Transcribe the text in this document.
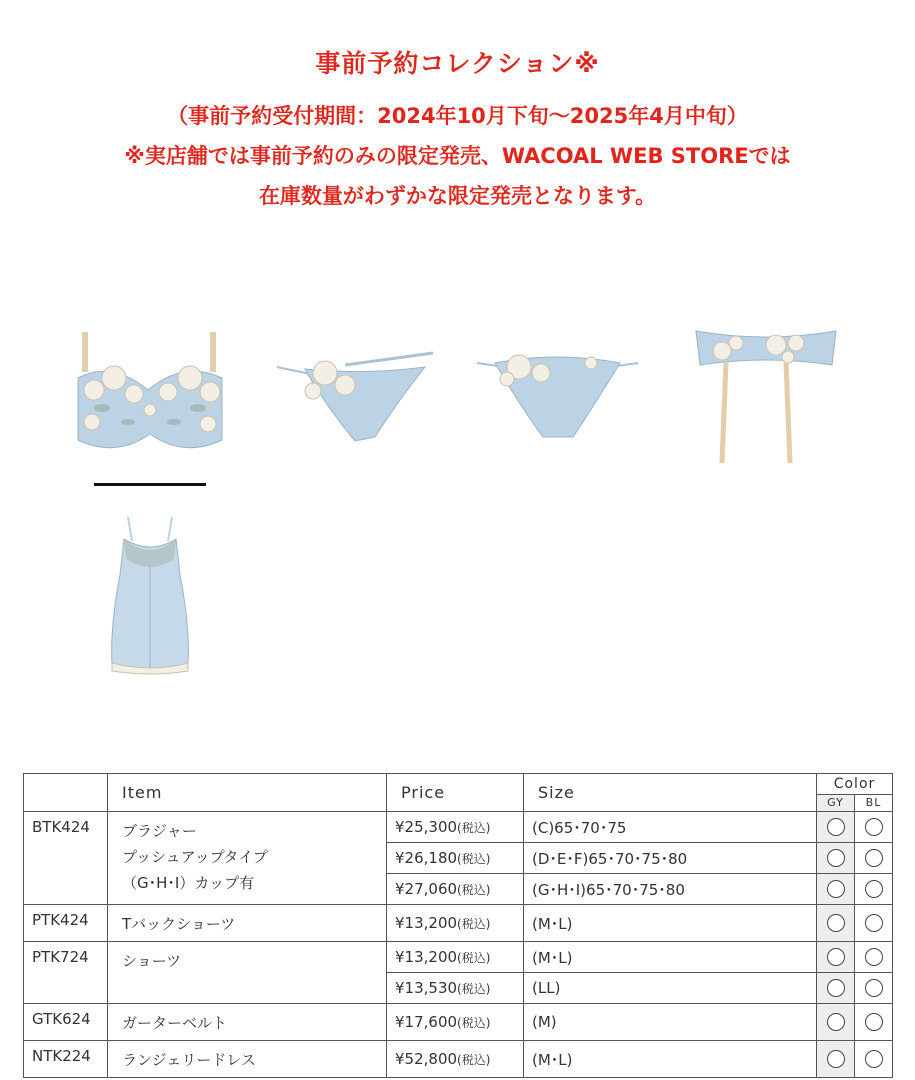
事前予約コレクション※
（事前予約受付期間：2024年10月下旬〜2025年4月中旬）
※実店舗では事前予約のみの限定発売、WACOAL WEB STOREでは
在庫数量がわずかな限定発売となります。
	Item	Price	Size	Color
GY BL	

BTK424	ブラジャー
プッシュアップタイプ
（G･H･I）カップ有	¥25,300(税込)	(C)65･70･75		
		¥26,180(税込)	(D･E･F)65･70･75･80		
		¥27,060(税込)	(G･H･I)65･70･75･80		
PTK424	Tバックショーツ	¥13,200(税込)	(M･L)		
PTK724	ショーツ	¥13,200(税込)	(M･L)		
		¥13,530(税込)	(LL)		
GTK624	ガーターベルト	¥17,600(税込)	(M)		
NTK224	ランジェリードレス	¥52,800(税込)	(M･L)		
